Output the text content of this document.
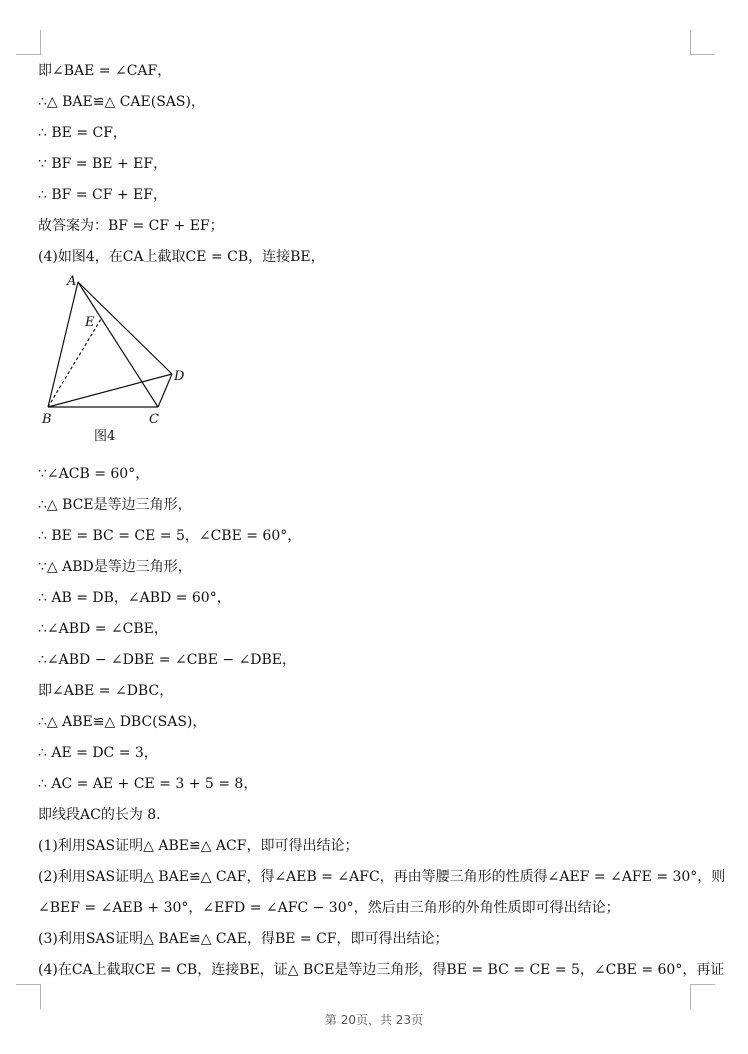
即∠BAE = ∠CAF，
∴△ BAE≌△ CAE(SAS)，
∴ BE = CF，
∵ BF = BE + EF，
∴ BF = CF + EF，
故答案为：BF = CF + EF；
(4)如图4，在CA上截取CE = CB，连接BE，
A
E
D
B	C
图4
∵∠ACB = 60°，
∴△ BCE是等边三角形，
∴ BE = BC = CE = 5，∠CBE = 60°，
∵△ ABD是等边三角形，
∴ AB = DB，∠ABD = 60°，
∴∠ABD = ∠CBE，
∴∠ABD − ∠DBE = ∠CBE − ∠DBE，
即∠ABE = ∠DBC，
∴△ ABE≌△ DBC(SAS)，
∴ AE = DC = 3，
∴ AC = AE + CE = 3 + 5 = 8，
即线段AC的长为 8．
(1)利用SAS证明△ ABE≌△ ACF，即可得出结论；
(2)利用SAS证明△ BAE≌△ CAF，得∠AEB = ∠AFC，再由等腰三角形的性质得∠AEF = ∠AFE = 30°，则
∠BEF = ∠AEB + 30°，∠EFD = ∠AFC − 30°，然后由三角形的外角性质即可得出结论；
(3)利用SAS证明△ BAE≌△ CAE，得BE = CF，即可得出结论；
(4)在CA上截取CE = CB，连接BE，证△ BCE是等边三角形，得BE = BC = CE = 5，∠CBE = 60°，再证
第 20页，共 23页
